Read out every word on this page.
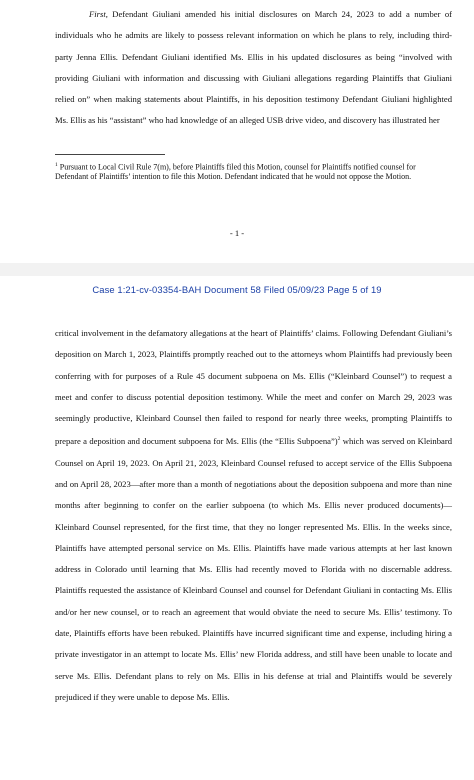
First, Defendant Giuliani amended his initial disclosures on March 24, 2023 to add a number of individuals who he admits are likely to possess relevant information on which he plans to rely, including third-party Jenna Ellis. Defendant Giuliani identified Ms. Ellis in his updated disclosures as being “involved with providing Giuliani with information and discussing with Giuliani allegations regarding Plaintiffs that Giuliani relied on” when making statements about Plaintiffs, in his deposition testimony Defendant Giuliani highlighted Ms. Ellis as his “assistant” who had knowledge of an alleged USB drive video, and discovery has illustrated her

$^1$ Pursuant to Local Civil Rule 7(m), before Plaintiffs filed this Motion, counsel for Plaintiffs notified counsel for Defendant of Plaintiffs’ intention to file this Motion. Defendant indicated that he would not oppose the Motion.

- 1 -
Case 1:21-cv-03354-BAH Document 58 Filed 05/09/23 Page 5 of 19

critical involvement in the defamatory allegations at the heart of Plaintiffs’ claims. Following Defendant Giuliani’s deposition on March 1, 2023, Plaintiffs promptly reached out to the attorneys whom Plaintiffs had previously been conferring with for purposes of a Rule 45 document subpoena on Ms. Ellis (“Kleinbard Counsel”) to request a meet and confer to discuss potential deposition testimony. While the meet and confer on March 29, 2023 was seemingly productive, Kleinbard Counsel then failed to respond for nearly three weeks, prompting Plaintiffs to prepare a deposition and document subpoena for Ms. Ellis (the “Ellis Subpoena”)$^2$ which was served on Kleinbard Counsel on April 19, 2023. On April 21, 2023, Kleinbard Counsel refused to accept service of the Ellis Subpoena and on April 28, 2023—after more than a month of negotiations about the deposition subpoena and more than nine months after beginning to confer on the earlier subpoena (to which Ms. Ellis never produced documents)—Kleinbard Counsel represented, for the first time, that they no longer represented Ms. Ellis. In the weeks since, Plaintiffs have attempted personal service on Ms. Ellis. Plaintiffs have made various attempts at her last known address in Colorado until learning that Ms. Ellis had recently moved to Florida with no discernable address. Plaintiffs requested the assistance of Kleinbard Counsel and counsel for Defendant Giuliani in contacting Ms. Ellis and/or her new counsel, or to reach an agreement that would obviate the need to secure Ms. Ellis’ testimony. To date, Plaintiffs efforts have been rebuked. Plaintiffs have incurred significant time and expense, including hiring a private investigator in an attempt to locate Ms. Ellis’ new Florida address, and still have been unable to locate and serve Ms. Ellis. Defendant plans to rely on Ms. Ellis in his defense at trial and Plaintiffs would be severely prejudiced if they were unable to depose Ms. Ellis.
